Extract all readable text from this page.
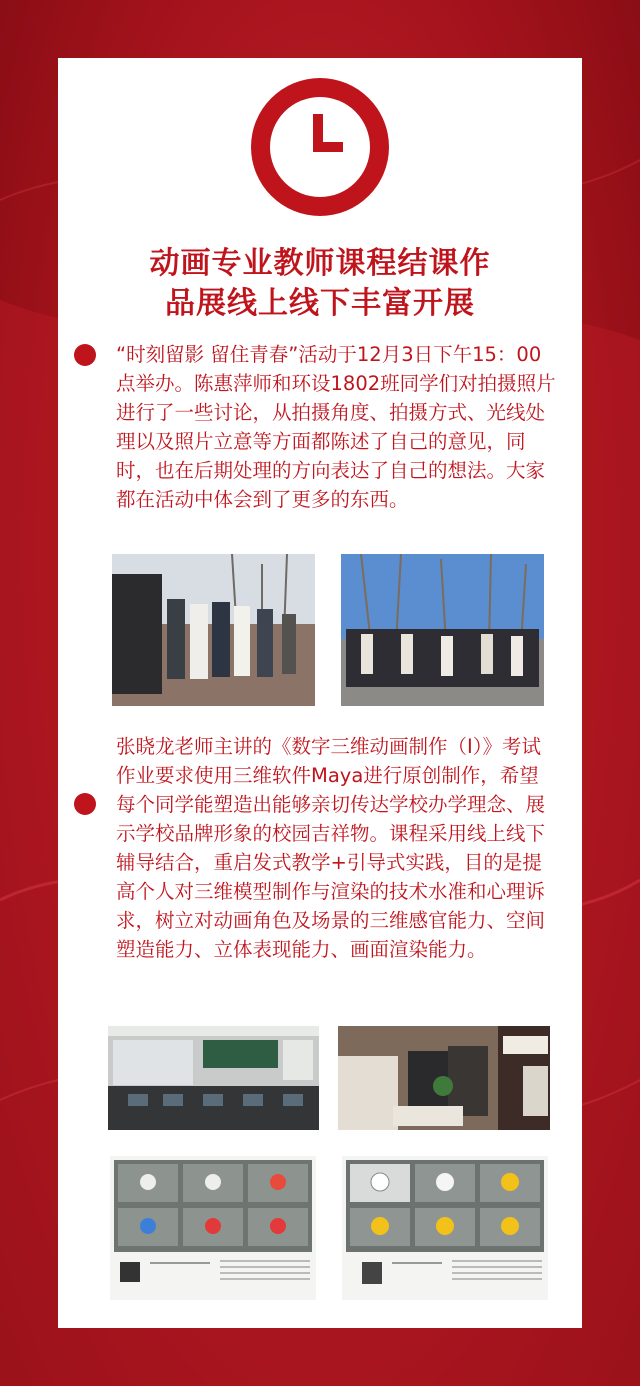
动画专业教师课程结课作
品展线上线下丰富开展
“时刻留影 留住青春”活动于12月3日下午15：00点举办。陈惠萍师和环设1802班同学们对拍摄照片进行了一些讨论，从拍摄角度、拍摄方式、光线处理以及照片立意等方面都陈述了自己的意见，同时，也在后期处理的方向表达了自己的想法。大家都在活动中体会到了更多的东西。
张晓龙老师主讲的《数字三维动画制作（I）》考试作业要求使用三维软件Maya进行原创制作，希望每个同学能塑造出能够亲切传达学校办学理念、展示学校品牌形象的校园吉祥物。课程采用线上线下辅导结合，重启发式教学+引导式实践，目的是提高个人对三维模型制作与渲染的技术水准和心理诉求，树立对动画角色及场景的三维感官能力、空间塑造能力、立体表现能力、画面渲染能力。
